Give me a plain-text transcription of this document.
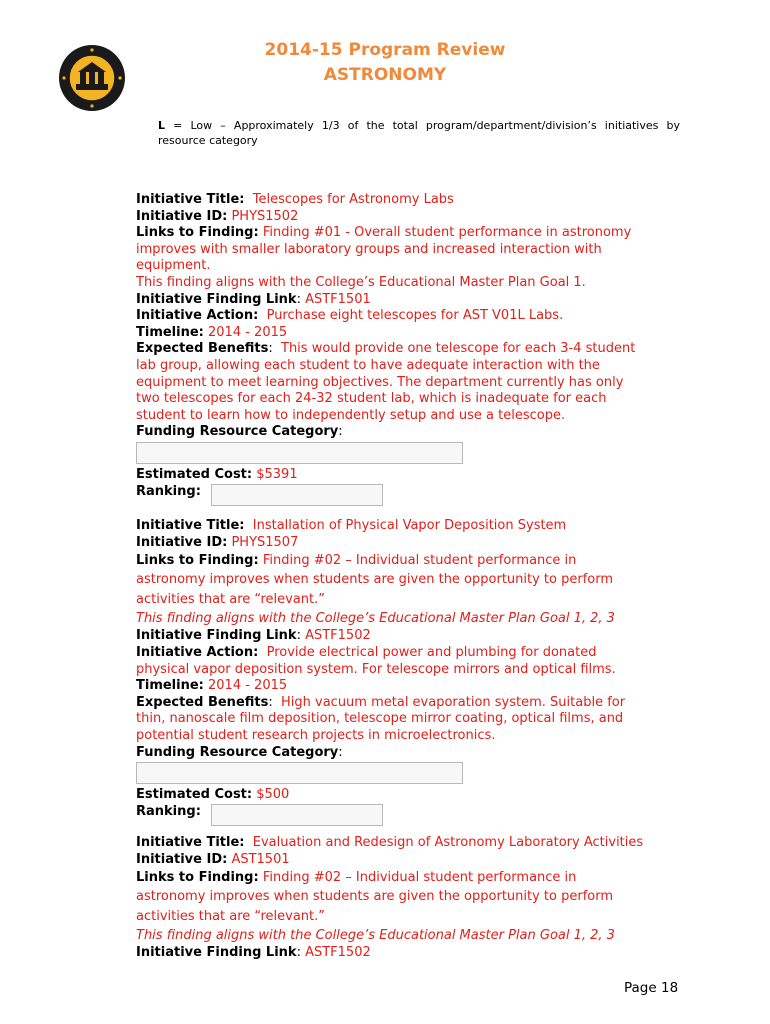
2014-15 Program Review
ASTRONOMY
L = Low – Approximately 1/3 of the total program/department/division’s initiatives by resource category
Initiative Title: Telescopes for Astronomy Labs
Initiative ID: PHYS1502
Links to Finding: Finding #01 - Overall student performance in astronomy
improves with smaller laboratory groups and increased interaction with
equipment.
This finding aligns with the College’s Educational Master Plan Goal 1.
Initiative Finding Link: ASTF1501
Initiative Action: Purchase eight telescopes for AST V01L Labs.
Timeline: 2014 - 2015
Expected Benefits: This would provide one telescope for each 3-4 student
lab group, allowing each student to have adequate interaction with the
equipment to meet learning objectives. The department currently has only
two telescopes for each 24-32 student lab, which is inadequate for each
student to learn how to independently setup and use a telescope.
Funding Resource Category:
Estimated Cost: $5391
Ranking:
Initiative Title: Installation of Physical Vapor Deposition System
Initiative ID: PHYS1507
Links to Finding: Finding #02 – Individual student performance in
astronomy improves when students are given the opportunity to perform
activities that are “relevant.”
This finding aligns with the College’s Educational Master Plan Goal 1, 2, 3
Initiative Finding Link: ASTF1502
Initiative Action: Provide electrical power and plumbing for donated
physical vapor deposition system. For telescope mirrors and optical films.
Timeline: 2014 - 2015
Expected Benefits: High vacuum metal evaporation system. Suitable for
thin, nanoscale film deposition, telescope mirror coating, optical films, and
potential student research projects in microelectronics.
Funding Resource Category:
Estimated Cost: $500
Ranking:
Initiative Title: Evaluation and Redesign of Astronomy Laboratory Activities
Initiative ID: AST1501
Links to Finding: Finding #02 – Individual student performance in
astronomy improves when students are given the opportunity to perform
activities that are “relevant.”
This finding aligns with the College’s Educational Master Plan Goal 1, 2, 3
Initiative Finding Link: ASTF1502
Page 18
